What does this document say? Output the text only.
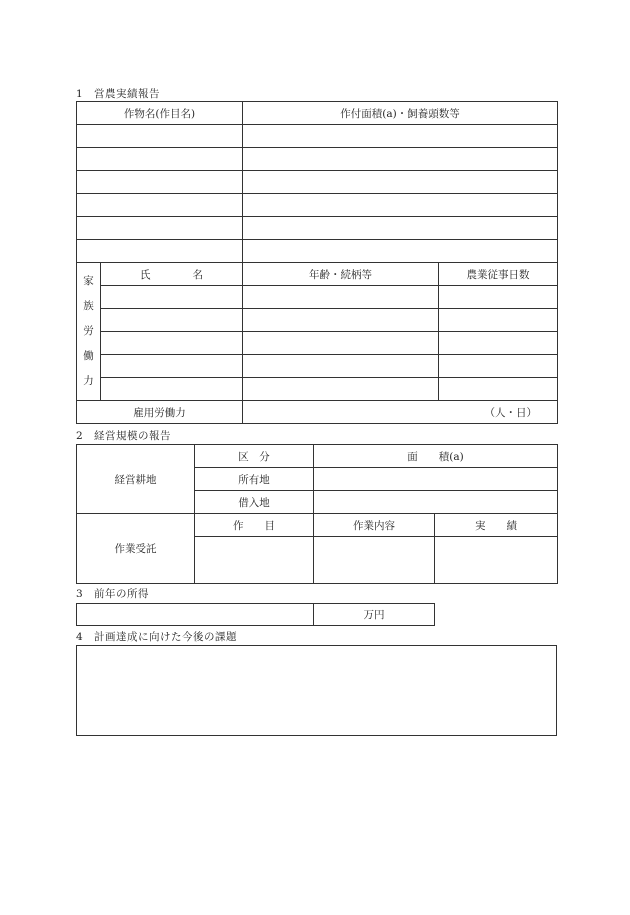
1 営農実績報告
作物名(作目名)		作付面積(a)・飼養頭数等	

家
族
労
働
力	氏　　　　名	年齢・続柄等	農業従事日数

雇用労働力		（人・日）	
2 経営規模の報告
経営耕地	区　分	面　　積(a)	
	所有地		
	借入地		
作業受託	作　　目	作業内容	実　　績

3 前年の所得
	万円
4 計画達成に向けた今後の課題
